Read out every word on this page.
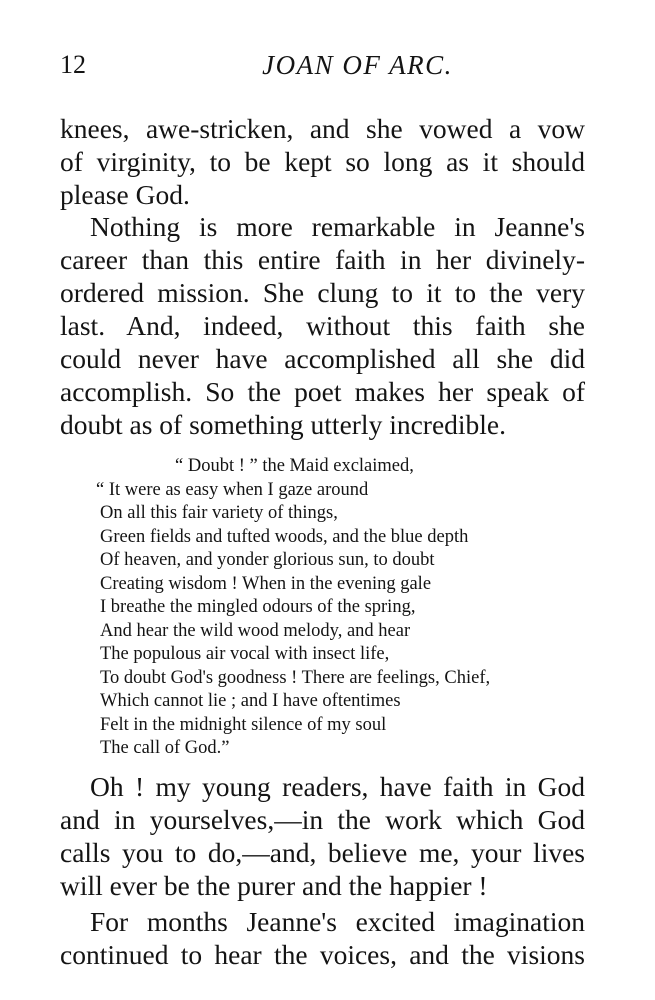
12	JOAN OF ARC.
knees, awe-stricken, and she vowed a vow
of virginity, to be kept so long as it should
please God.
Nothing is more remarkable in Jeanne's
career than this entire faith in her divinely-
ordered mission. She clung to it to the very
last. And, indeed, without this faith she
could never have accomplished all she did
accomplish. So the poet makes her speak of
doubt as of something utterly incredible.
“ Doubt ! ” the Maid exclaimed,
“ It were as easy when I gaze around
On all this fair variety of things,
Green fields and tufted woods, and the blue depth
Of heaven, and yonder glorious sun, to doubt
Creating wisdom ! When in the evening gale
I breathe the mingled odours of the spring,
And hear the wild wood melody, and hear
The populous air vocal with insect life,
To doubt God's goodness ! There are feelings, Chief,
Which cannot lie ; and I have oftentimes
Felt in the midnight silence of my soul
The call of God.”
Oh ! my young readers, have faith in God
and in yourselves,—in the work which God
calls you to do,—and, believe me, your lives
will ever be the purer and the happier !
For months Jeanne's excited imagination
continued to hear the voices, and the visions
